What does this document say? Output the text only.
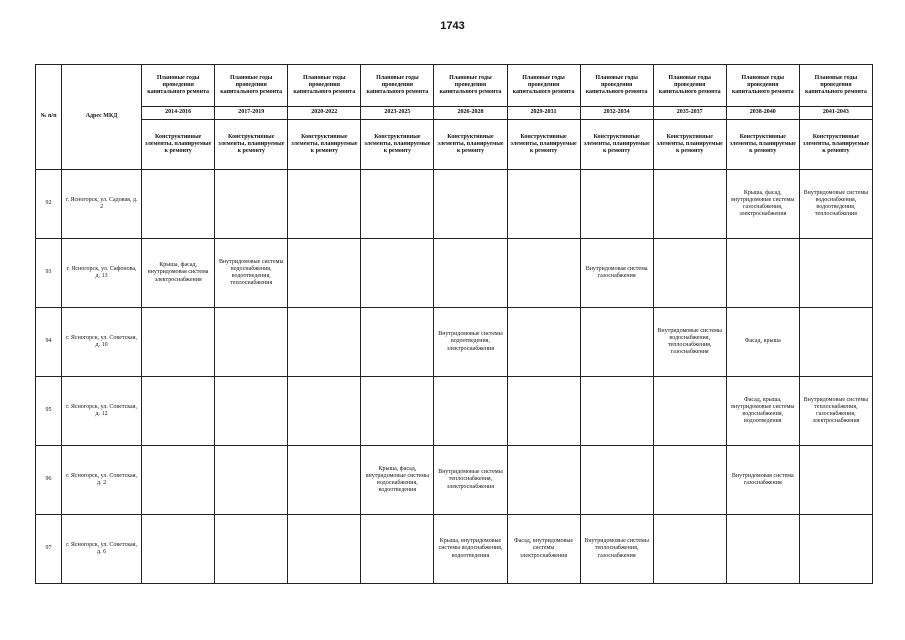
1743
№ п/п	Адрес МКД	Плановые годы проведения капитального ремонта	Плановые годы проведения капитального ремонта	Плановые годы проведения капитального ремонта	Плановые годы проведения капитального ремонта	Плановые годы проведения капитального ремонта	Плановые годы проведения капитального ремонта	Плановые годы проведения капитального ремонта	Плановые годы проведения капитального ремонта	Плановые годы проведения капитального ремонта	Плановые годы проведения капитального ремонта
		2014-2016	2017-2019	2020-2022	2023-2025	2026-2028	2029-2031	2032-2034	2035-2037	2038-2040	2041-2043
		Конструктивные элементы, планируемые к ремонту	Конструктивные элементы, планируемые к ремонту	Конструктивные элементы, планируемые к ремонту	Конструктивные элементы, планируемые к ремонту	Конструктивные элементы, планируемые к ремонту	Конструктивные элементы, планируемые к ремонту	Конструктивные элементы, планируемые к ремонту	Конструктивные элементы, планируемые к ремонту	Конструктивные элементы, планируемые к ремонту	Конструктивные элементы, планируемые к ремонту
92	г. Ясногорск, ул. Садовая, д. 2									Крыша, фасад, внутридомовые системы газоснабжения, электроснабжения	Внутридомовые системы водоснабжения, водоотведения, теплоснабжения
93	г. Ясногорск, ул. Сафонова, д. 13	Крыша, фасад, внутридомовая система электроснабжения	Внутридомовые системы водоснабжения, водоотведения, теплоснабжения					Внутридомовая система газоснабжения			
94	г. Ясногорск, ул. Советская, д. 10					Внутридомовые системы водоотведения, электроснабжения			Внутридомовые системы водоснабжения, теплоснабжения, газоснабжения	Фасад, крыша	
95	г. Ясногорск, ул. Советская, д. 12									Фасад, крыша, внутридомовые системы водоснабжения, водоотведения	Внутридомовые системы теплоснабжения, газоснабжения, электроснабжения
96	г. Ясногорск, ул. Советская, д. 2				Крыша, фасад, внутридомовые системы водоснабжения, водоотведения	Внутридомовые системы теплоснабжения, электроснабжения				Внутридомовая система газоснабжения	
97	г. Ясногорск, ул. Советская, д. 6					Крыша, внутридомовые системы водоснабжения, водоотведения	Фасад, внутридомовые системы электроснабжения	Внутридомовые системы теплоснабжения, газоснабжения			
